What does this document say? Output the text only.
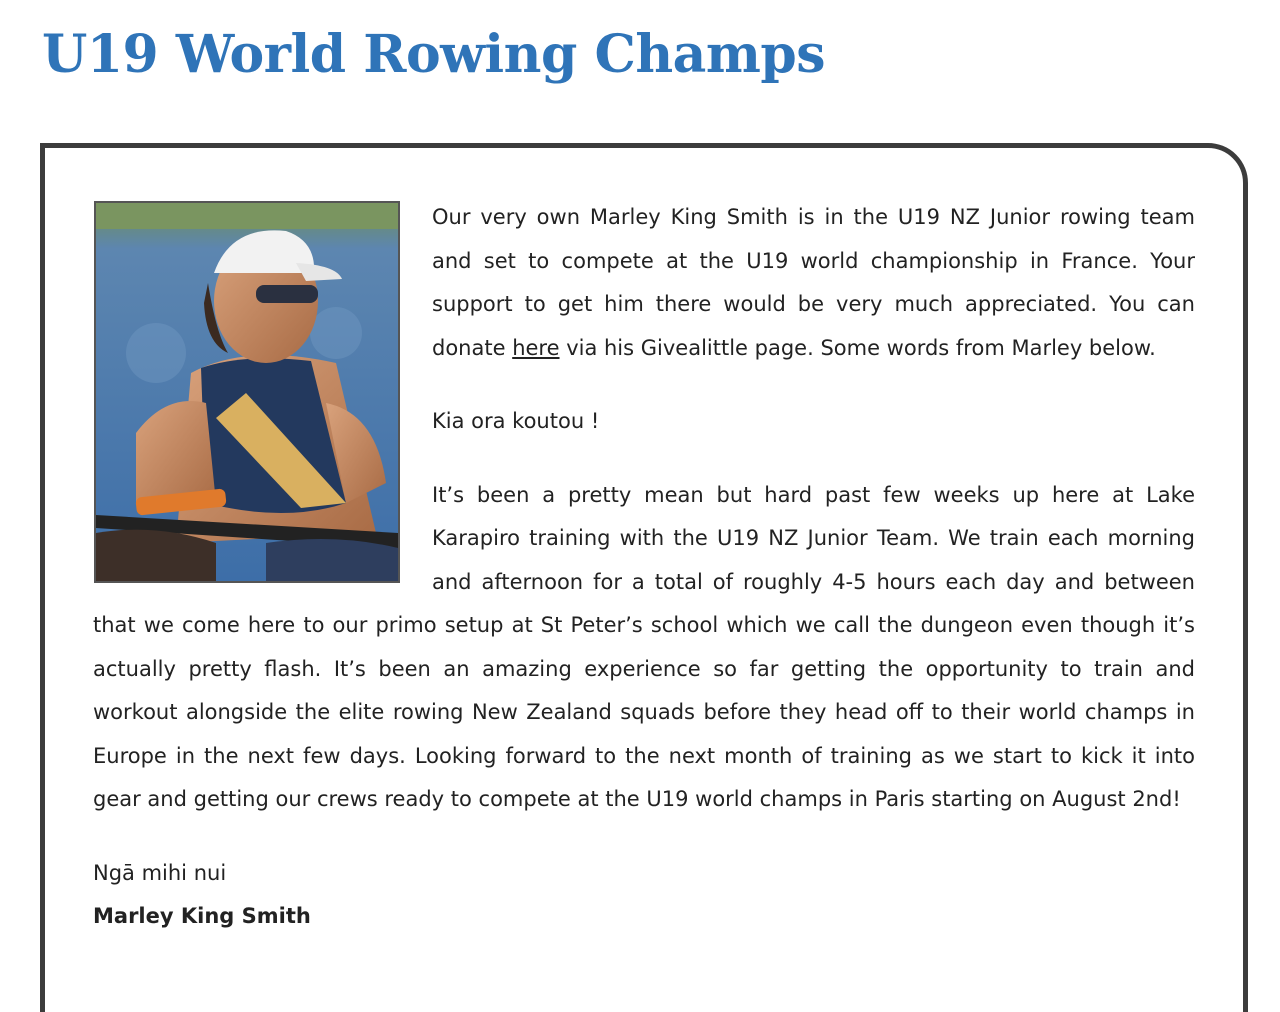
U19 World Rowing Champs

Our very own Marley King Smith is in the U19 NZ Junior rowing team and set to compete at the U19 world championship in France. Your support to get him there would be very much appreciated. You can donate here via his Givealittle page. Some words from Marley below.

Kia ora koutou !

It’s been a pretty mean but hard past few weeks up here at Lake Karapiro training with the U19 NZ Junior Team. We train each morning and afternoon for a total of roughly 4-5 hours each day and between that we come here to our primo setup at St Peter’s school which we call the dungeon even though it’s actually pretty flash. It’s been an amazing experience so far getting the opportunity to train and workout alongside the elite rowing New Zealand squads before they head off to their world champs in Europe in the next few days. Looking forward to the next month of training as we start to kick it into gear and getting our crews ready to compete at the U19 world champs in Paris starting on August 2nd!

Ngā mihi nui

Marley King Smith
